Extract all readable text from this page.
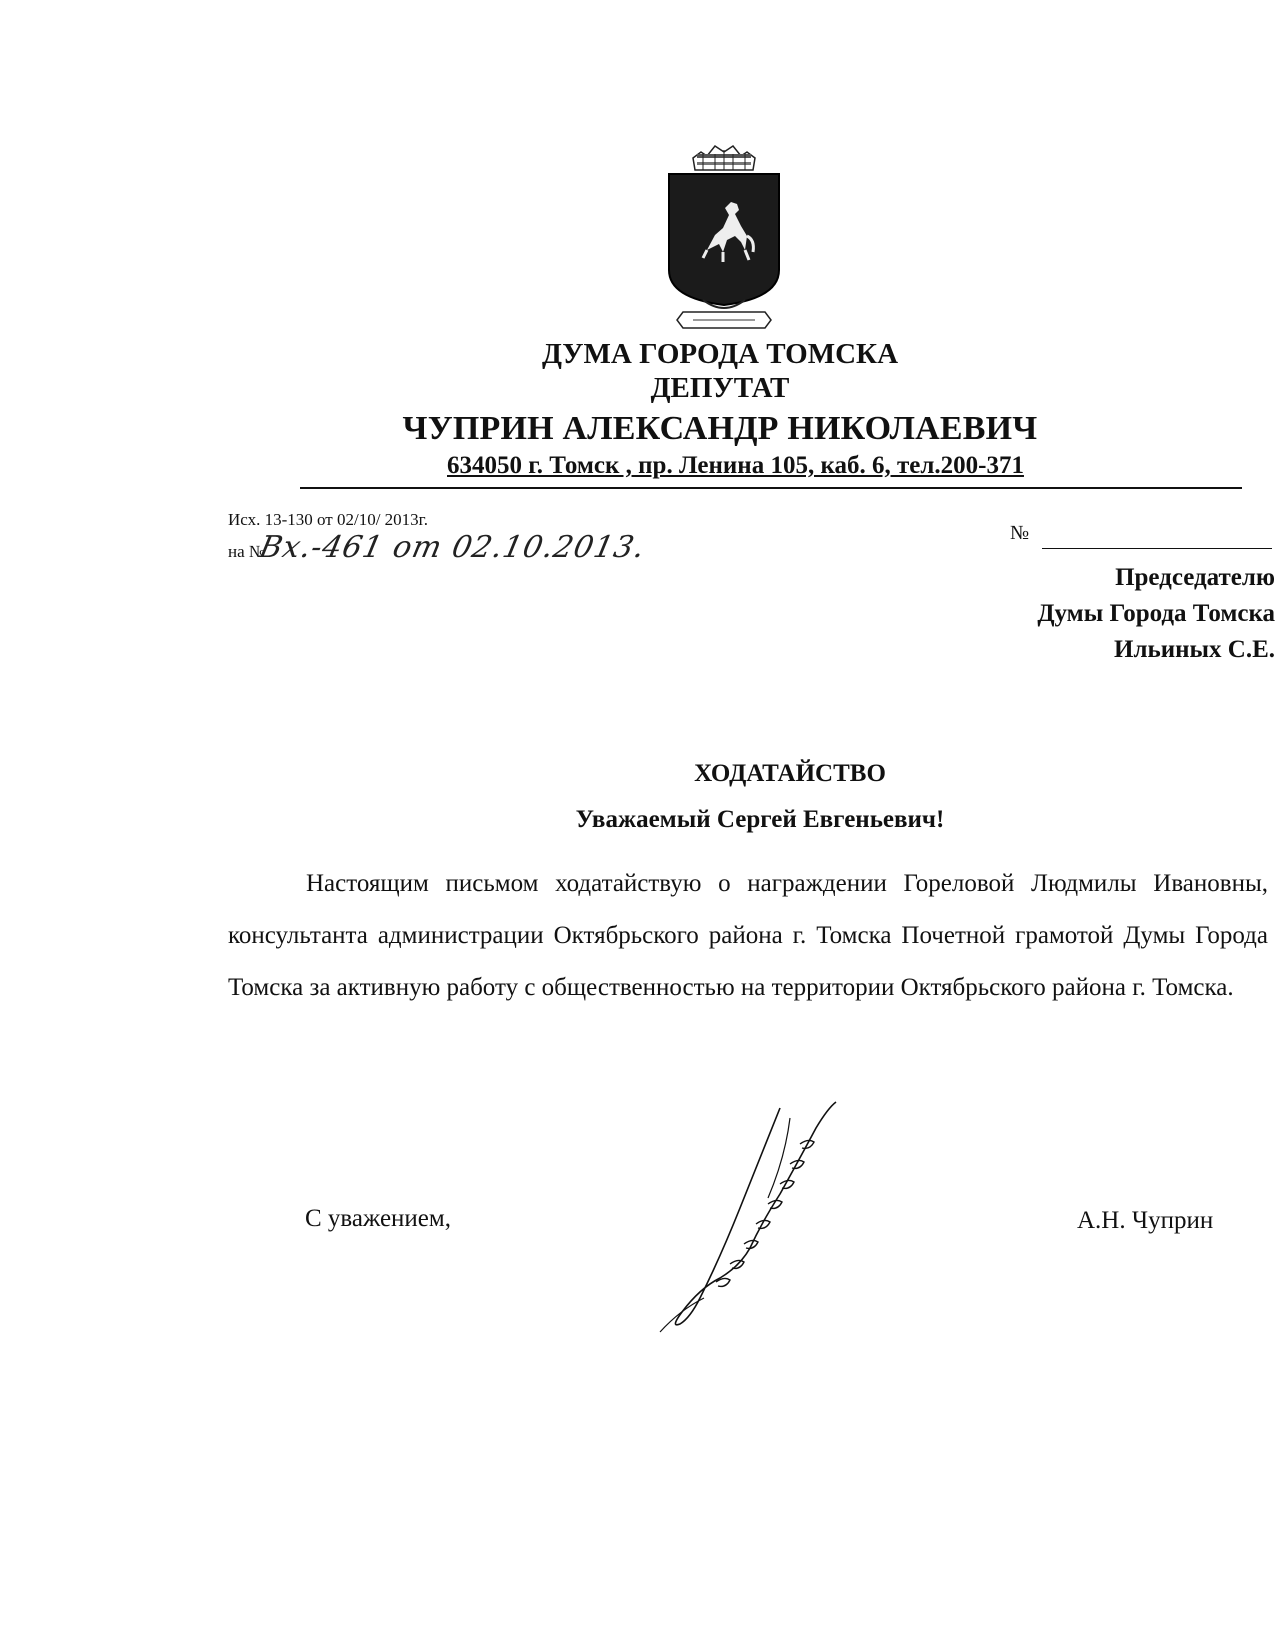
ДУМА ГОРОДА ТОМСКА
ДЕПУТАТ
ЧУПРИН АЛЕКСАНДР НИКОЛАЕВИЧ
634050 г. Томск , пр. Ленина 105, каб. 6, тел.200-371
Исх. 13-130 от 02/10/ 2013г.
на №
Вх.-461 от 02.10.2013.	№
Председателю
Думы Города Томска
Ильиных С.Е.
ХОДАТАЙСТВО
Уважаемый Сергей Евгеньевич!
Настоящим письмом ходатайствую о награждении Гореловой Людмилы Ивановны, консультанта администрации Октябрьского района г. Томска Почетной грамотой Думы Города Томска за активную работу с общественностью на территории Октябрьского района г. Томска.
С уважением,	А.Н. Чуприн
